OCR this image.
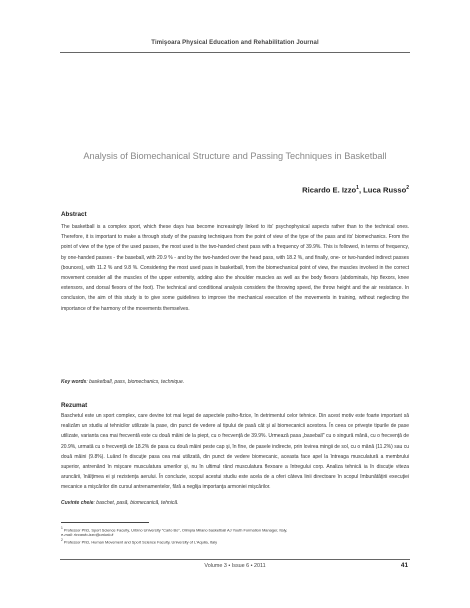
Timişoara Physical Education and Rehabilitation Journal
Analysis of Biomechanical Structure and Passing Techniques in Basketball
Ricardo E. Izzo$^1$, Luca Russo$^2$
Abstract
The basketball is a complex sport, which these days has become increasingly linked to its' psychophysical aspects rather than to the technical ones. Therefore, it is important to make a through study of the passing techniques from the point of view of the type of the pass and its' biomechanics. From the point of view of the type of the used passes, the most used is the two-handed chest pass with a frequency of 39.9%. This is followed, in terms of frequency, by one-handed passes - the baseball, with 20.9 % - and by the two-handed over the head pass, with 18.2 %, and finally, one- or two-handed indirect passes (bounces), with 11.2 % and 9.8 %. Considering the most used pass in basketball, from the biomechanical point of view, the muscles involved in the correct movement consider all the muscles of the upper extremity, adding also the shoulder muscles as well as the body flexors (abdominals, hip flexors, knee extensors, and dorsal flexors of the foot). The technical and conditional analysis considers the throwing speed, the throw height and the air resistance. In conclusion, the aim of this study is to give some guidelines to improve the mechanical execution of the movements in training, without neglecting the importance of the harmony of the movements themselves.
Key words: basketball, pass, biomechanics, technique.
Rezumat
Baschetul este un sport complex, care devine tot mai legat de aspectele psiho-fizice, în detrimentul celor tehnice. Din acest motiv este foarte important să realizăm un studiu al tehnicilor utilizate la pase, din punct de vedere al tipului de pasă cât şi al biomecanicii acestora. În ceea ce priveşte tipurile de pase utilizate, varianta cea mai frecventă este cu două mâini de la piept, cu o frecvenţă de 39.9%. Urmează pasa „baseball" cu o singură mână, cu o frecvenţă de 20.9%, urmată cu o frecvenţă de 18.2% de pasa cu două mâini peste cap şi, în fine, de pasele indirecte, prin lovirea mingii de sol, cu o mână (11.2%) sau cu două mâini (9.8%). Luând în discuţie pasa cea mai utilizată, din punct de vedere biomecanic, aceasta face apel la întreaga musculatură a membrului superior, antrenând în mişcare musculatura umerilor şi, nu în ultimul rând musculatura flexoare a întregului corp. Analiza tehnică ia în discuţie viteza aruncării, înălţimea ei şi rezistenţa aerului. În concluzie, scopul acestui studiu este acela de a oferi câteva linii directoare în scopul îmbunătăţirii execuţiei mecanice a mişcărilor din cursul antrenamentelor, fără a neglija importanţa armoniei mişcărilor.
Cuvinte cheie: baschet, pasă, biomecanică, tehnică.
$^1$ Professor PhD, Sport Science Faculty, Urbino University "Carlo Bo", Olimpia Milano basketball AJ Youth Formation Manager, Italy,
e-mail: riccardo.izzo@uniurb.it
$^2$ Professor PhD, Human Movement and Sport Science Faculty, University of L'Aquila, Italy
Volume 3 • Issue 6 • 2011	41
